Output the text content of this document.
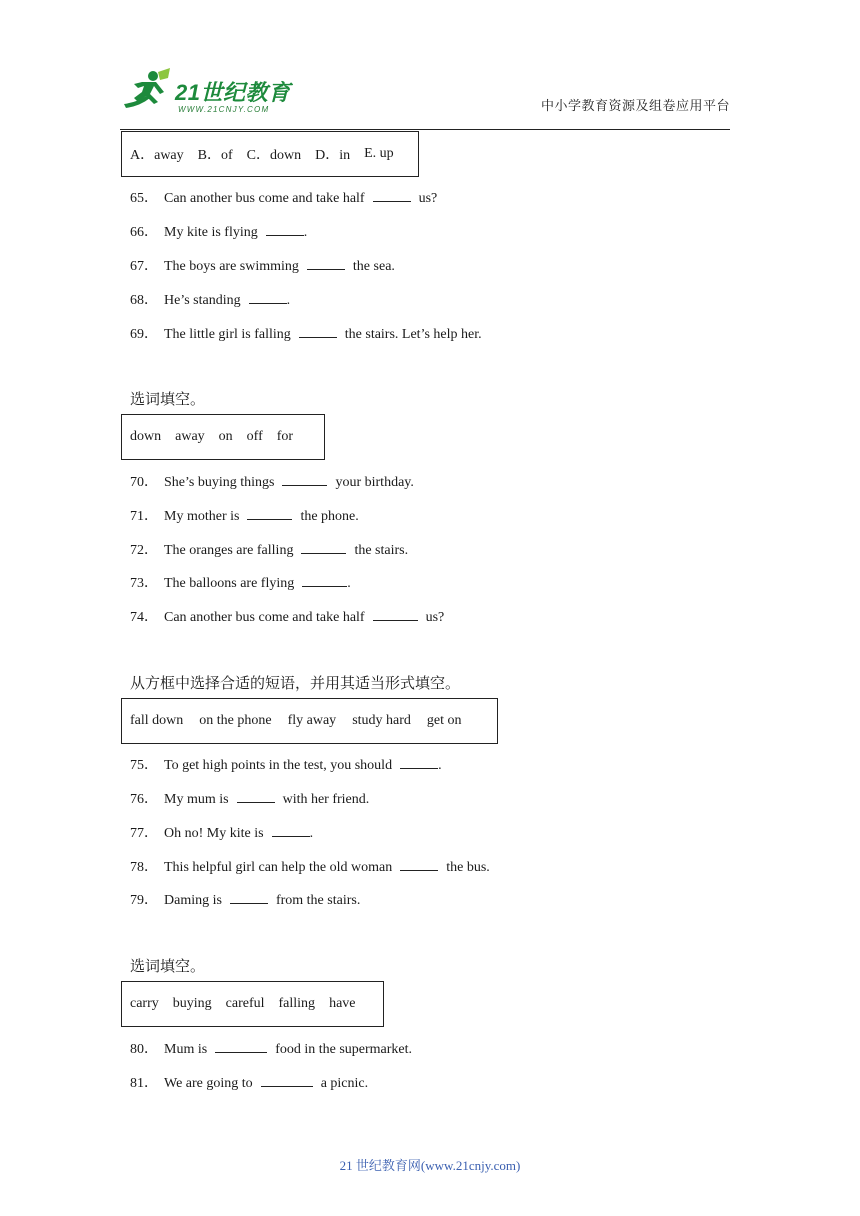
21世纪教育
WWW.21CNJY.COM	中小学教育资源及组卷应用平台
A．away B．of C．down D．in E. up
65． Can another bus come and take half	us?
66． My kite is flying	.
67． The boys are swimming	the sea.
68． He’s standing	.
69． The little girl is falling	the stairs. Let’s help her.
选词填空。
down away on off for
70． She’s buying things	your birthday.
71． My mother is	the phone.
72． The oranges are falling	the stairs.
73． The balloons are flying	.
74． Can another bus come and take half	us?
从方框中选择合适的短语，并用其适当形式填空。
fall down on the phone fly away study hard get on
75． To get high points in the test, you should	.
76． My mum is	with her friend.
77． Oh no! My kite is	.
78． This helpful girl can help the old woman	the bus.
79． Daming is	from the stairs.
选词填空。
carry buying careful falling have
80． Mum is	food in the supermarket.
81． We are going to	a picnic.
21 世纪教育网(www.21cnjy.com)
